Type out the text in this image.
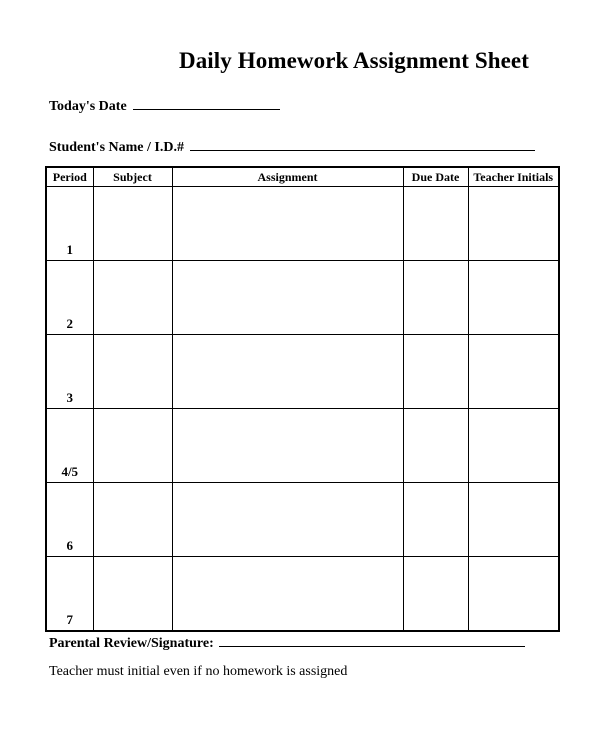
Daily Homework Assignment Sheet
Today's Date
Student's Name / I.D.#
Period	Subject	Assignment	Due Date	Teacher Initials
1				
2				
3				
4/5				
6				
7				
Parental Review/Signature:
Teacher must initial even if no homework is assigned
